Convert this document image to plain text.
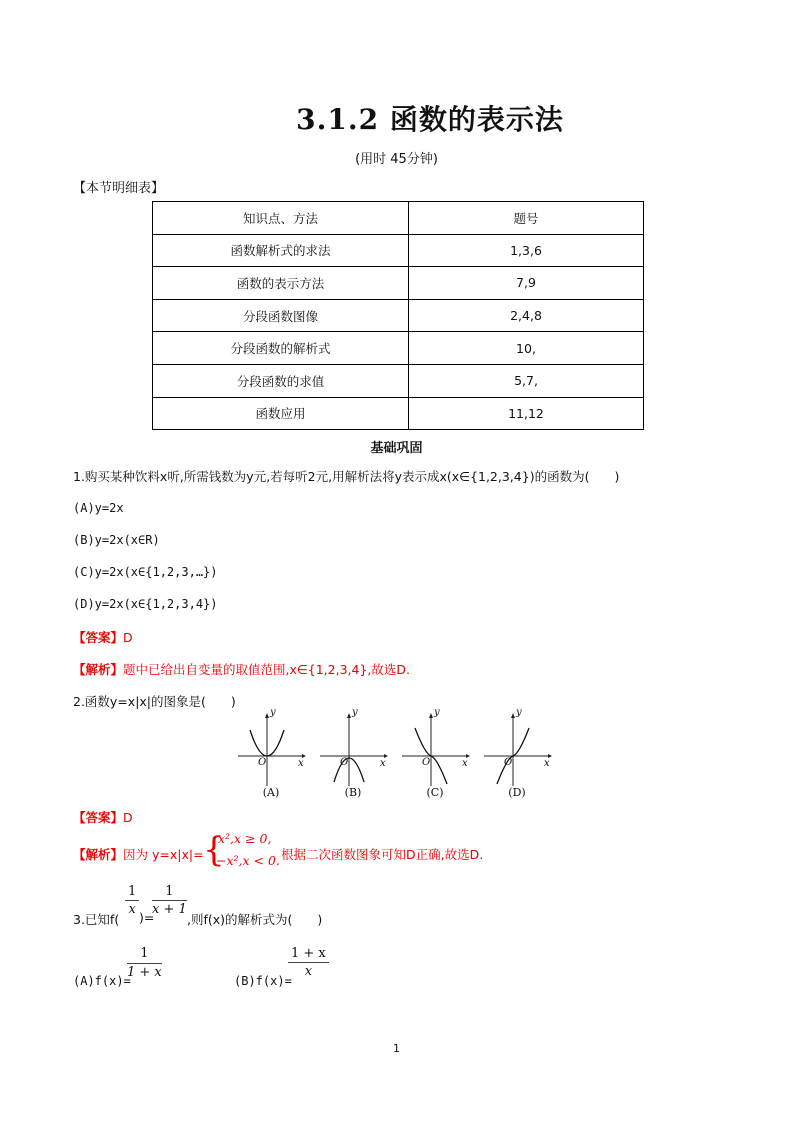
3.1.2 函数的表示法
(用时 45分钟)
【本节明细表】
知识点、方法	题号
函数解析式的求法	1,3,6
函数的表示方法	7,9
分段函数图像	2,4,8
分段函数的解析式	10,
分段函数的求值	5,7,
函数应用	11,12
基础巩固
1.购买某种饮料x听,所需钱数为y元,若每听2元,用解析法将y表示成x(x∈{1,2,3,4})的函数为(　　)
(A)y=2x
(B)y=2x(x∈R)
(C)y=2x(x∈{1,2,3,…})
(D)y=2x(x∈{1,2,3,4})
【答案】D
【解析】题中已给出自变量的取值范围,x∈{1,2,3,4},故选D.
2.函数y=x|x|的图象是(　　)
y
x
O
(A)
y
x
O
(B)
y
x
O
(C)
y
x
O
(D)
【答案】D
【解析】因为 y=x|x|= {
x²,x ≥ 0,
−x²,x < 0. 根据二次函数图象可知D正确,故选D.
3.已知f(
$\frac{1}{x}$ )=
$\frac{1}{x + 1}$
,则f(x)的解析式为(　　)
(A)f(x)=
$\frac{1}{1 + x}$	(B)f(x)=
$\frac{1 + x}{x}$
1
